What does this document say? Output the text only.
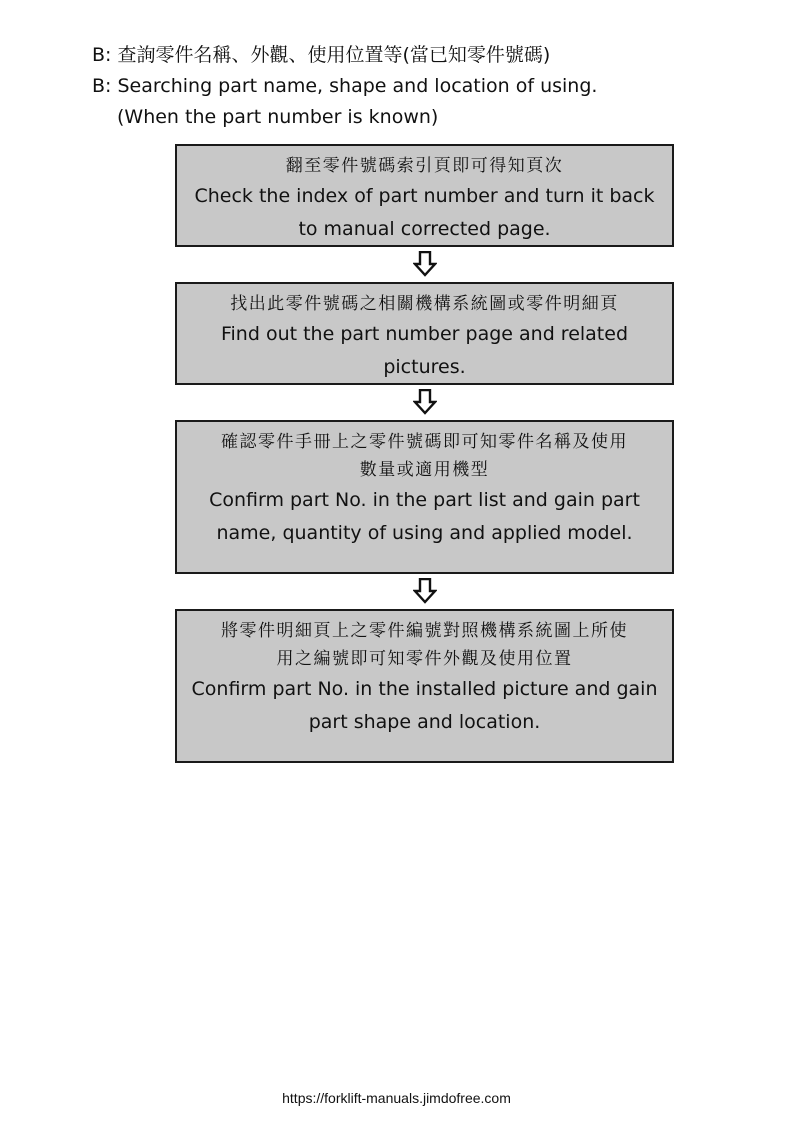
B: 查詢零件名稱、外觀、使用位置等(當已知零件號碼)
B: Searching part name, shape and location of using.
(When the part number is known)
翻至零件號碼索引頁即可得知頁次
Check the index of part number and turn it back
to manual corrected page.
找出此零件號碼之相關機構系統圖或零件明細頁
Find out the part number page and related
pictures.
確認零件手冊上之零件號碼即可知零件名稱及使用
數量或適用機型
Confirm part No. in the part list and gain part
name, quantity of using and applied model.
將零件明細頁上之零件編號對照機構系統圖上所使
用之編號即可知零件外觀及使用位置
Confirm part No. in the installed picture and gain
part shape and location.
https://forklift-manuals.jimdofree.com
